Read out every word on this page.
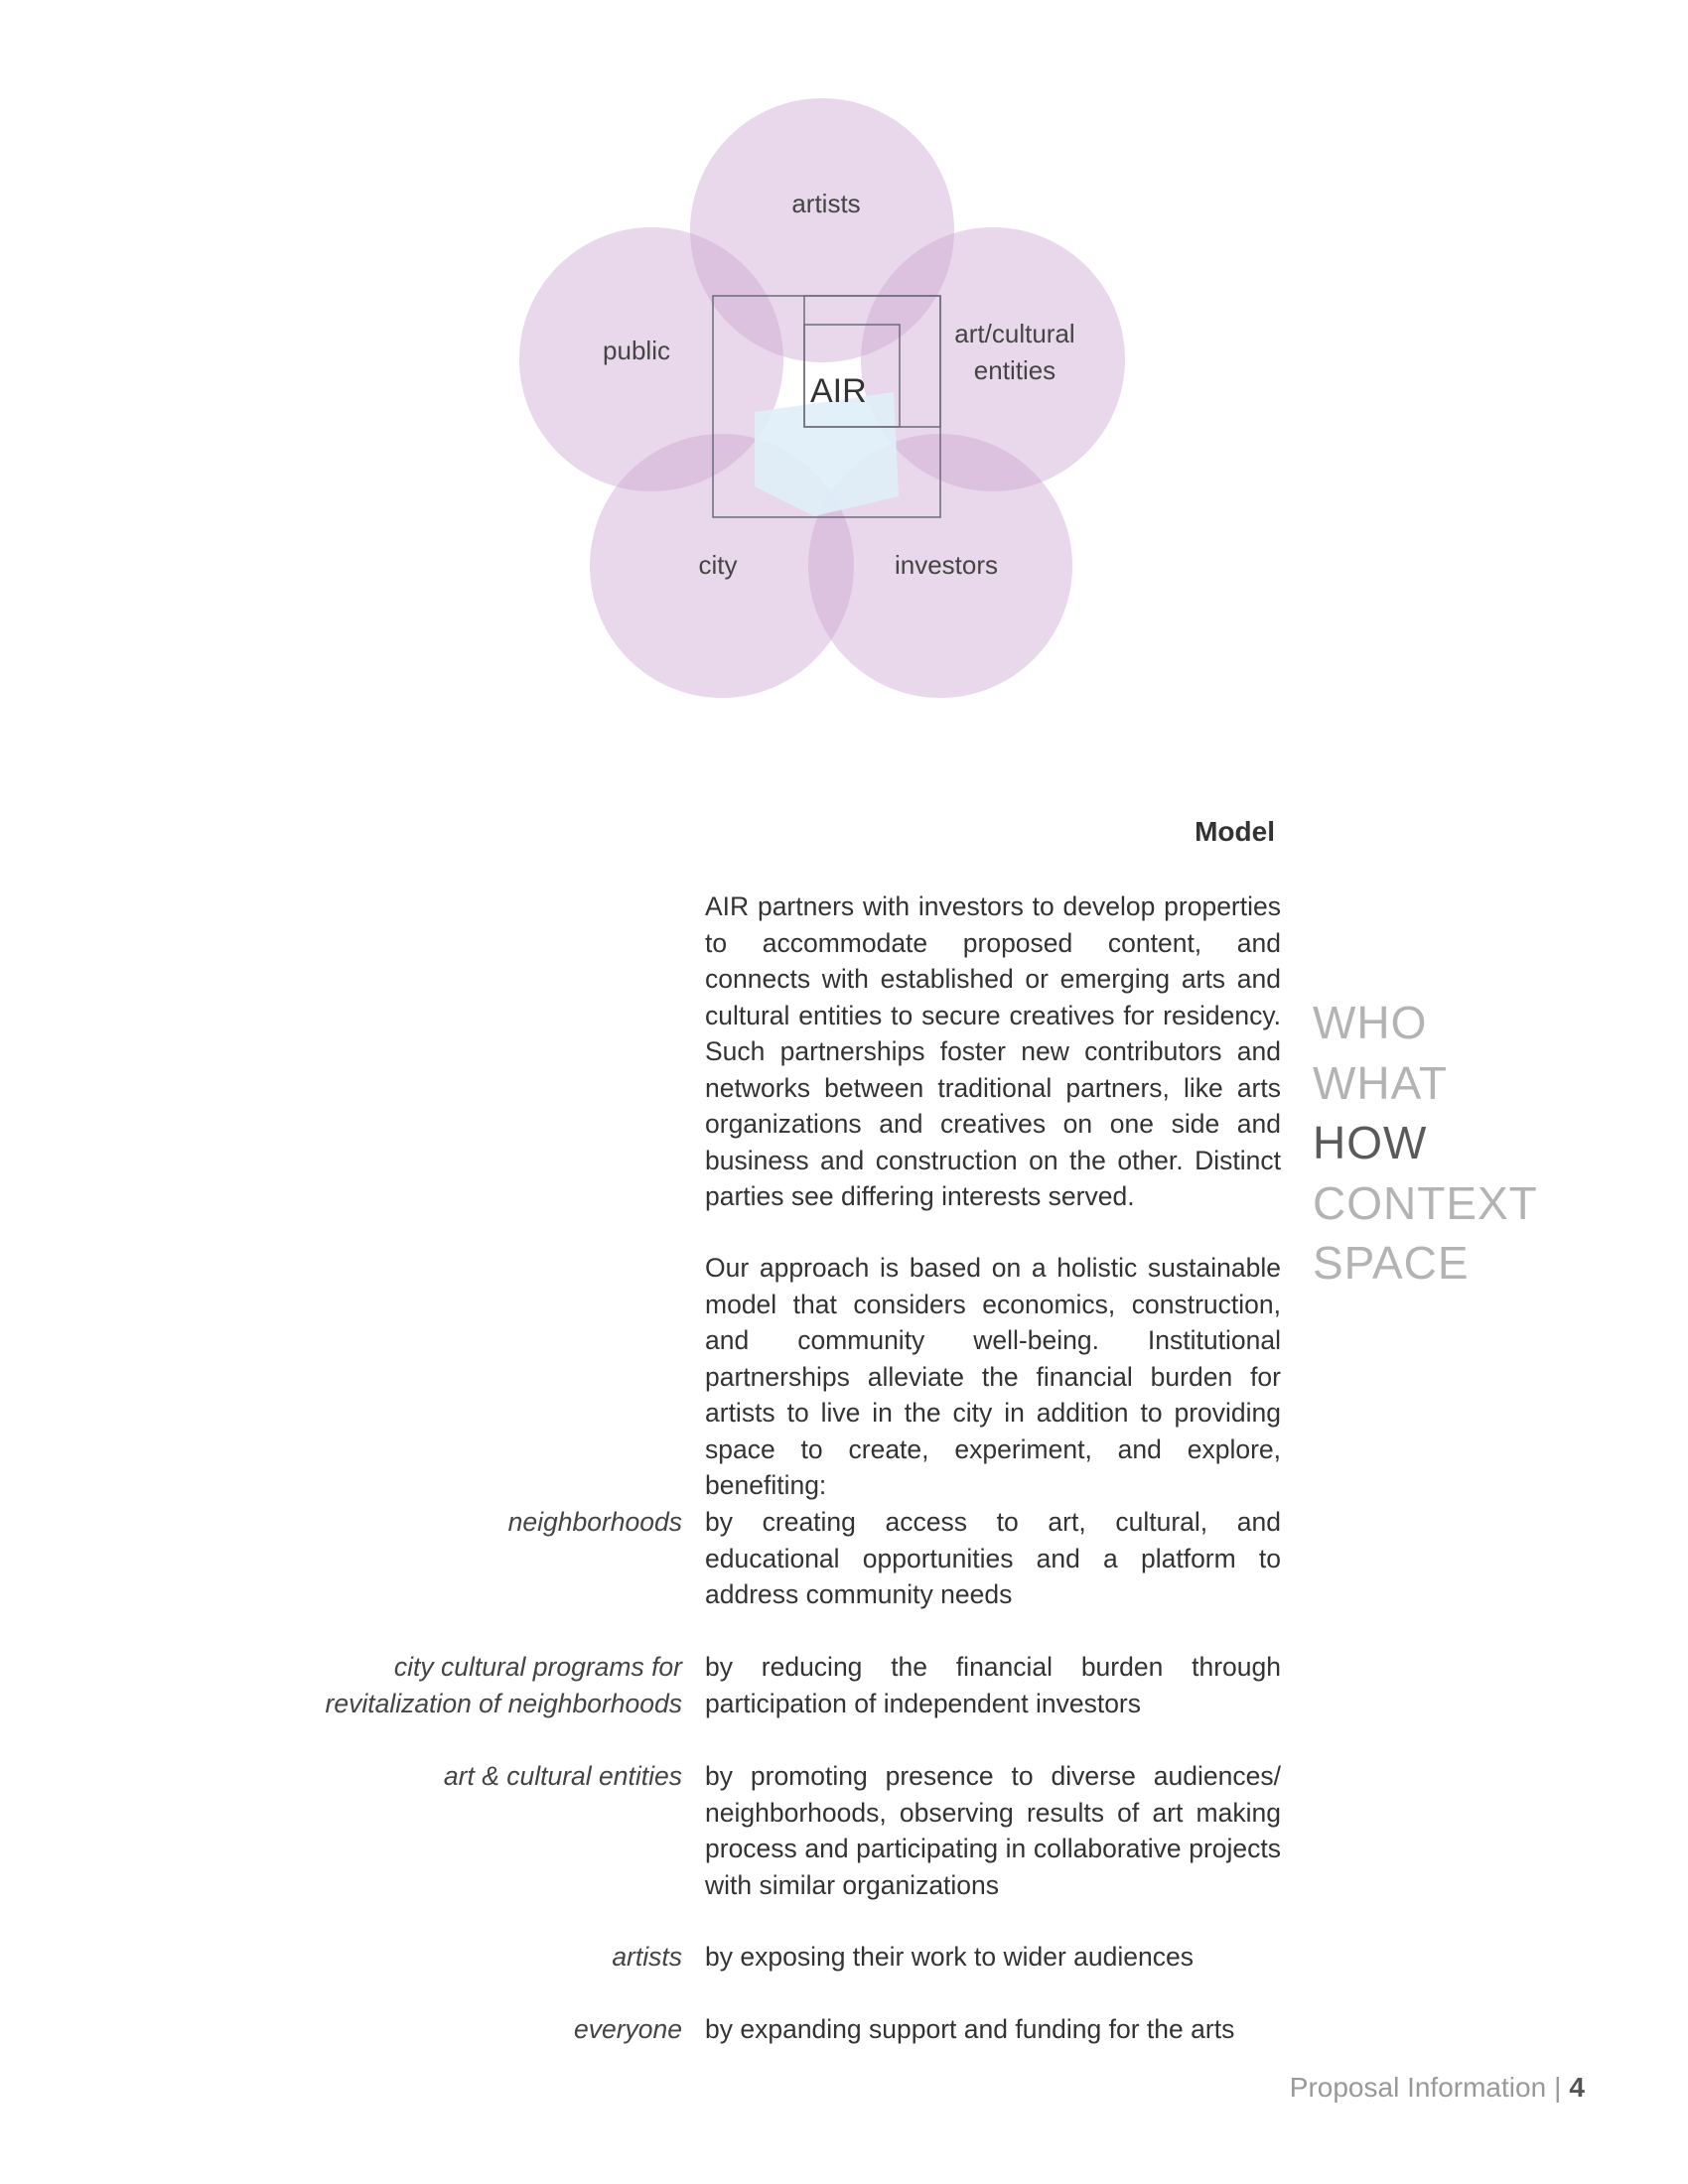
AIR
artists
public
art/cultural
entities
city	investors
Model
AIR partners with investors to develop properties to accommodate proposed content, and connects with established or emerging arts and cultural entities to secure creatives for residency. Such partnerships foster new contributors and networks between traditional partners, like arts organizations and creatives on one side and business and construction on the other. Distinct parties see differing interests served.
Our approach is based on a holistic sustainable model that considers economics, construction, and community well-being. Institutional partnerships alleviate the financial burden for artists to live in the city in addition to providing space to create, experiment, and explore, benefiting:
neighborhoods by creating access to art, cultural, and educational opportunities and a platform to address community needs
city cultural programs for revitalization of neighborhoods
by reducing the financial burden through participation of independent investors
art & cultural entities by promoting presence to diverse audiences/ neighborhoods, observing results of art making process and participating in collaborative projects with similar organizations
artists by exposing their work to wider audiences
everyone by expanding support and funding for the arts
WHO
WHAT
HOW
CONTEXT
SPACE
Proposal Information | 4
